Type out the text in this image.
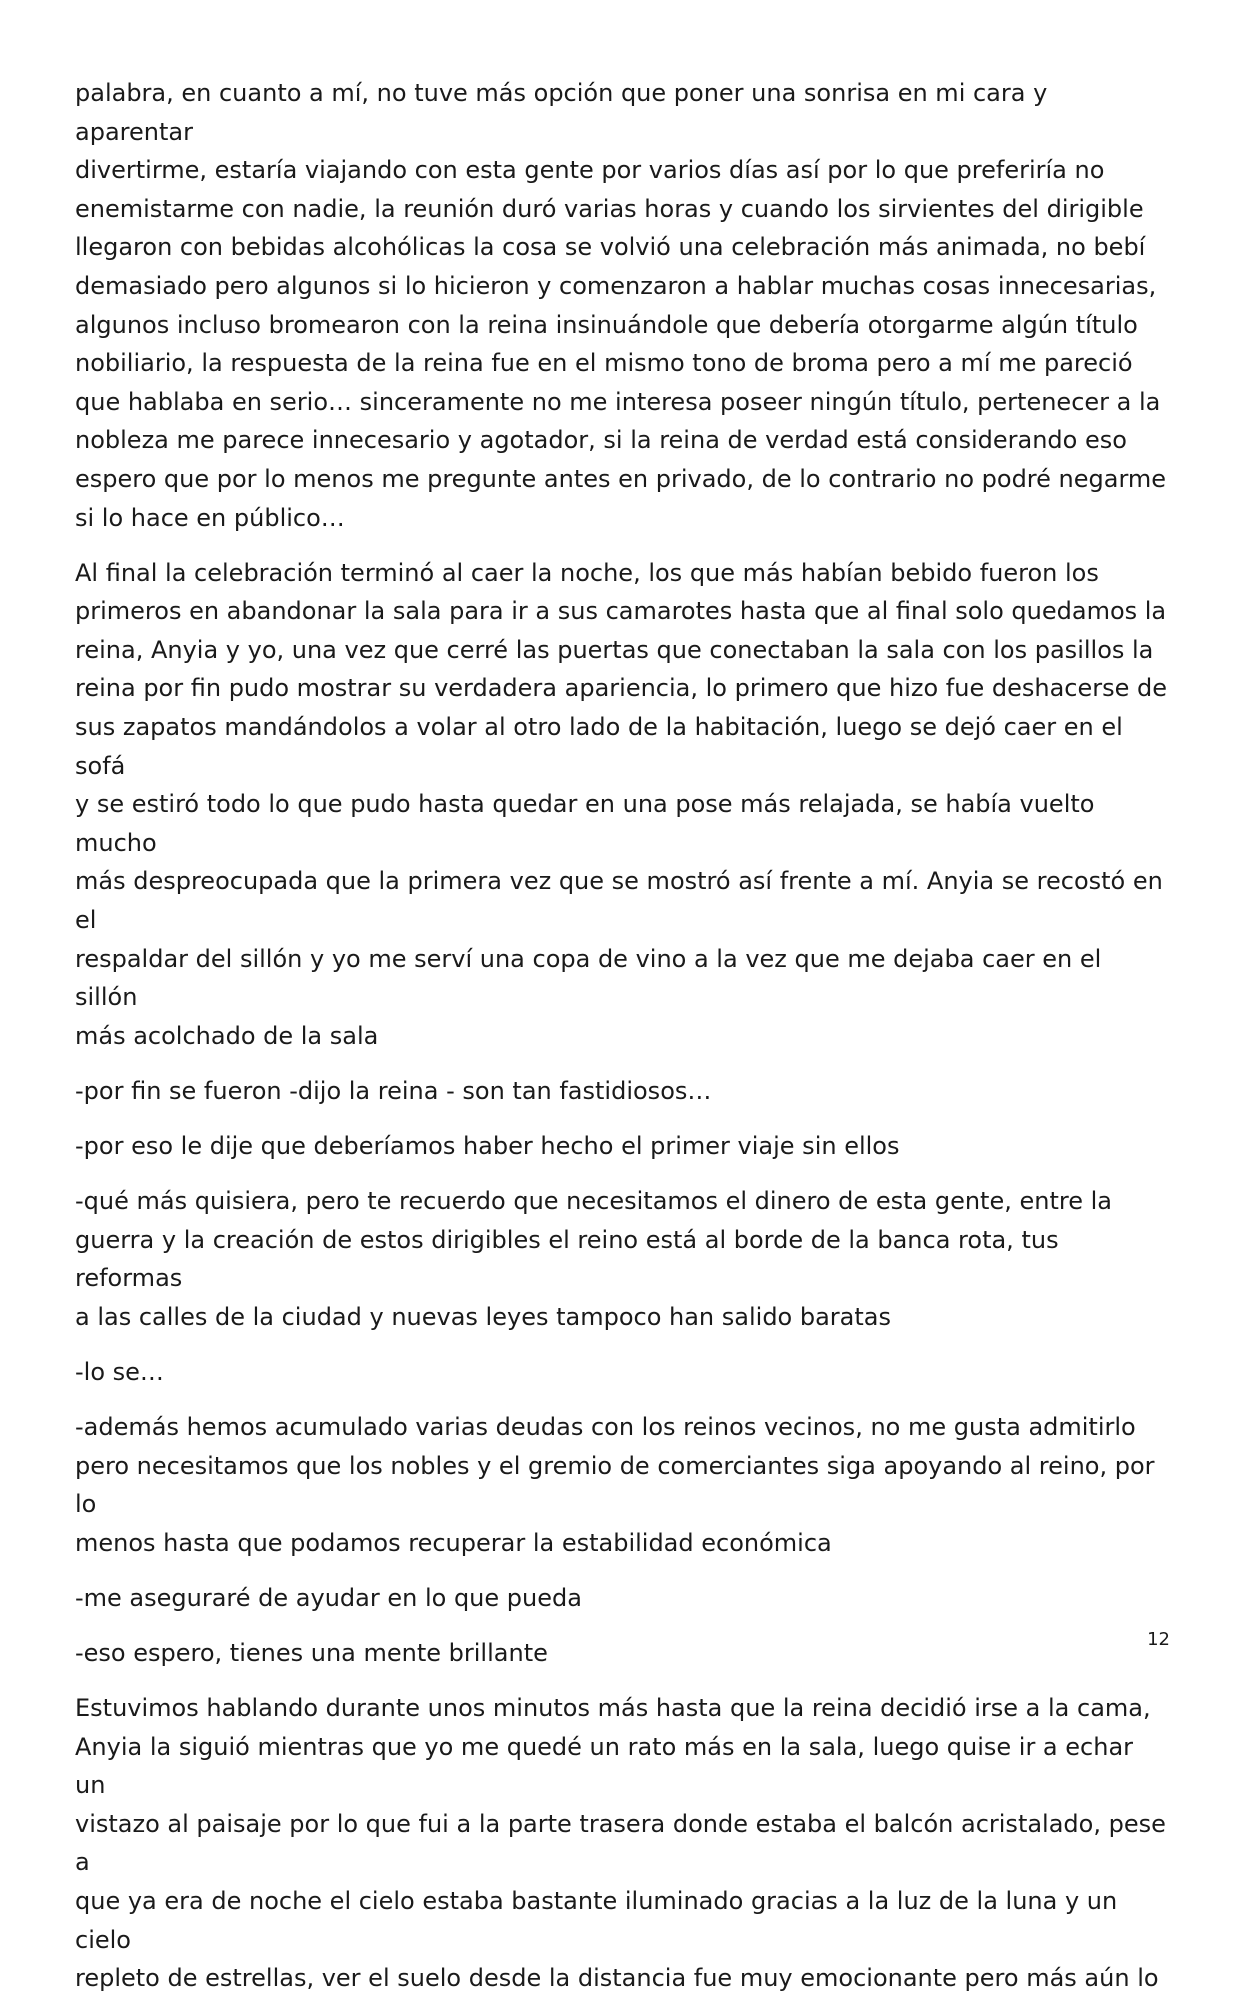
palabra, en cuanto a mí, no tuve más opción que poner una sonrisa en mi cara y aparentar
divertirme, estaría viajando con esta gente por varios días así por lo que preferiría no
enemistarme con nadie, la reunión duró varias horas y cuando los sirvientes del dirigible
llegaron con bebidas alcohólicas la cosa se volvió una celebración más animada, no bebí
demasiado pero algunos si lo hicieron y comenzaron a hablar muchas cosas innecesarias,
algunos incluso bromearon con la reina insinuándole que debería otorgarme algún título
nobiliario, la respuesta de la reina fue en el mismo tono de broma pero a mí me pareció
que hablaba en serio… sinceramente no me interesa poseer ningún título, pertenecer a la
nobleza me parece innecesario y agotador, si la reina de verdad está considerando eso
espero que por lo menos me pregunte antes en privado, de lo contrario no podré negarme
si lo hace en público…

Al final la celebración terminó al caer la noche, los que más habían bebido fueron los
primeros en abandonar la sala para ir a sus camarotes hasta que al final solo quedamos la
reina, Anyia y yo, una vez que cerré las puertas que conectaban la sala con los pasillos la
reina por fin pudo mostrar su verdadera apariencia, lo primero que hizo fue deshacerse de
sus zapatos mandándolos a volar al otro lado de la habitación, luego se dejó caer en el sofá
y se estiró todo lo que pudo hasta quedar en una pose más relajada, se había vuelto mucho
más despreocupada que la primera vez que se mostró así frente a mí. Anyia se recostó en el
respaldar del sillón y yo me serví una copa de vino a la vez que me dejaba caer en el sillón
más acolchado de la sala

-por fin se fueron -dijo la reina - son tan fastidiosos…

-por eso le dije que deberíamos haber hecho el primer viaje sin ellos

-qué más quisiera, pero te recuerdo que necesitamos el dinero de esta gente, entre la
guerra y la creación de estos dirigibles el reino está al borde de la banca rota, tus reformas
a las calles de la ciudad y nuevas leyes tampoco han salido baratas

-lo se…

-además hemos acumulado varias deudas con los reinos vecinos, no me gusta admitirlo
pero necesitamos que los nobles y el gremio de comerciantes siga apoyando al reino, por lo
menos hasta que podamos recuperar la estabilidad económica

-me aseguraré de ayudar en lo que pueda

-eso espero, tienes una mente brillante

Estuvimos hablando durante unos minutos más hasta que la reina decidió irse a la cama,
Anyia la siguió mientras que yo me quedé un rato más en la sala, luego quise ir a echar un
vistazo al paisaje por lo que fui a la parte trasera donde estaba el balcón acristalado, pese a
que ya era de noche el cielo estaba bastante iluminado gracias a la luz de la luna y un cielo
repleto de estrellas, ver el suelo desde la distancia fue muy emocionante pero más aún lo

12
